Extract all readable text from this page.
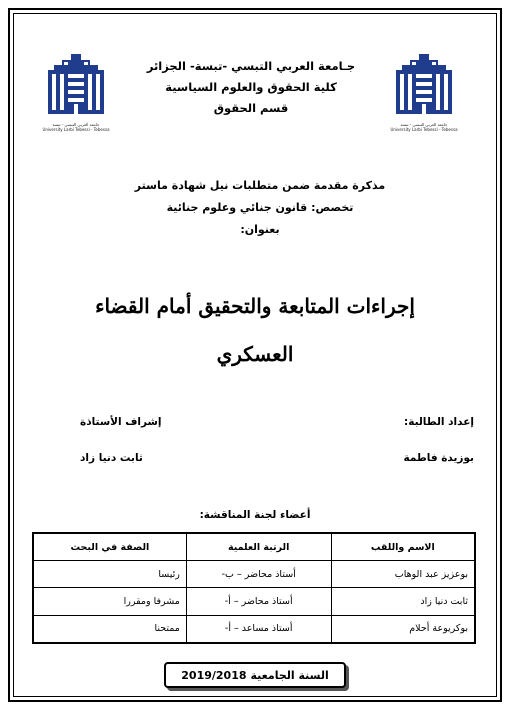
جامعة العربي التبسي - تبسة
University Larbi Tebessi - Tebessa
جامعة العربي التبسي - تبسة
University Larbi Tebessi - Tebessa
جـامعة العربي التبسي -تبسة- الجزائر
كلية الحقوق والعلوم السياسية
قسم الحقوق
مذكرة مقدمة ضمن متطلبات نيل شهادة ماستر
تخصص: قانون جنائي وعلوم جنائية
بعنوان:
إجراءات المتابعة والتحقيق أمام القضاء
العسكري
إعداد الطالبة:
بوزيدة فاطمة
إشراف الأستاذة
ثابت دنيا زاد
أعضاء لجنة المناقشة:
الاسم واللقب	الرتبة العلمية	الصفة في البحث
بوعزيز عبد الوهاب	أستاذ محاضر – ب-	رئيسا
ثابت دنيا زاد	أستاذ محاضر – أ-	مشرفا ومقررا
بوكريوعة أحلام	أستاذ مساعد – أ-	ممتحنا
السنة الجامعية
2019/2018
